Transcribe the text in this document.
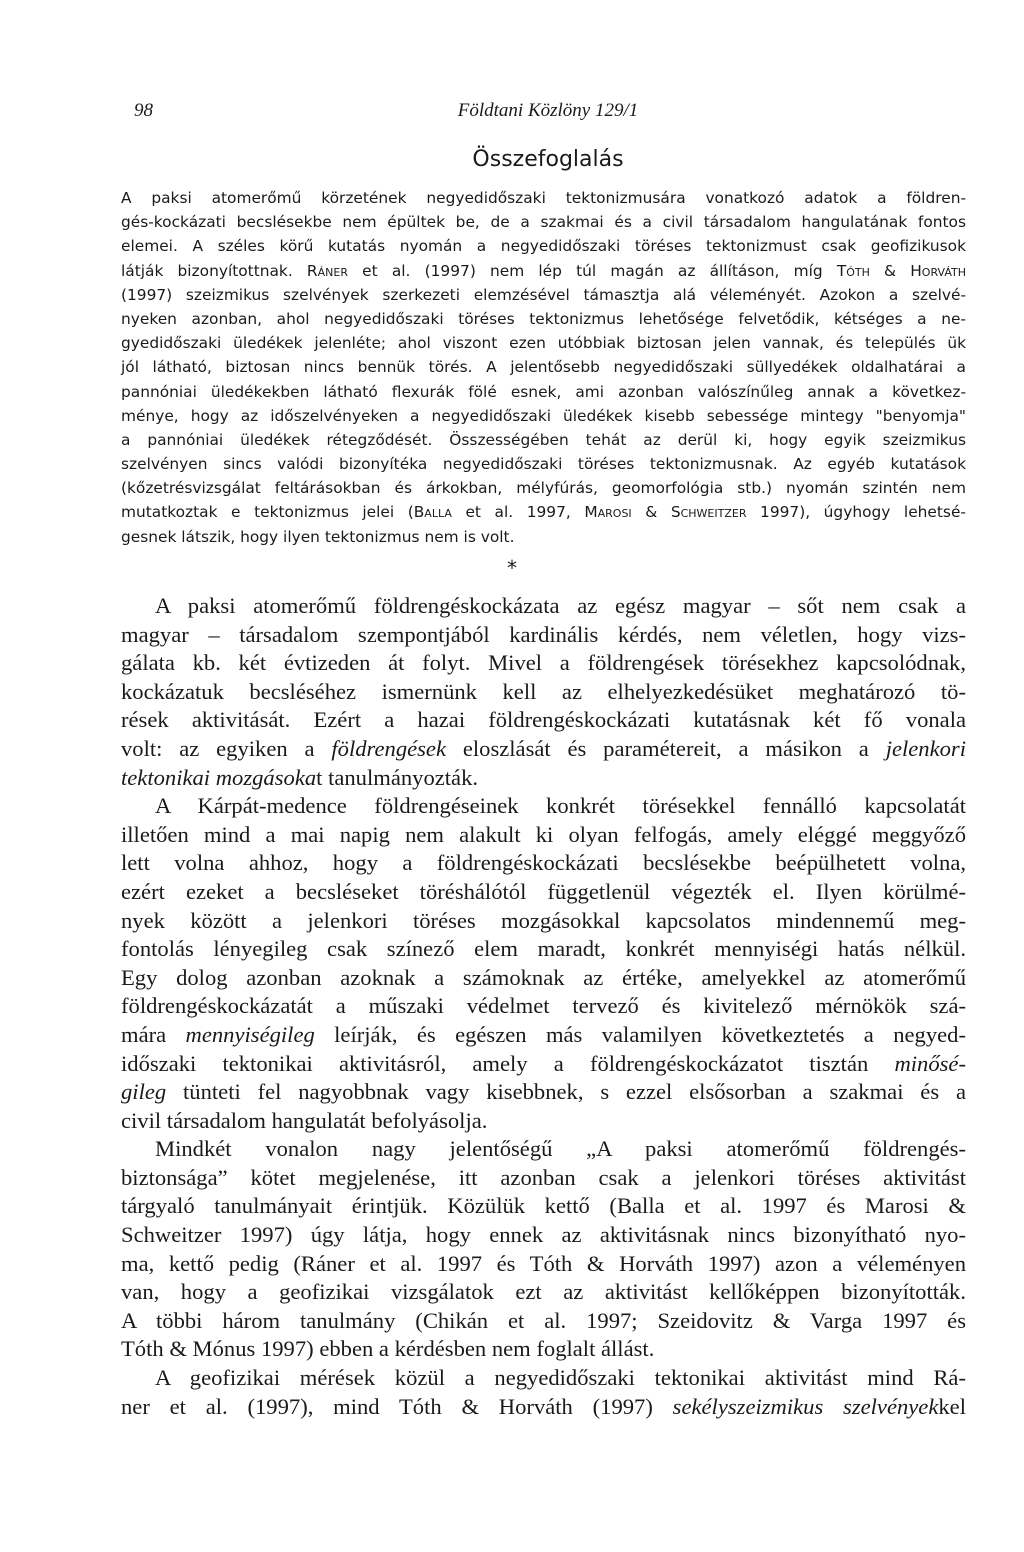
98	Földtani Közlöny 129/1
Összefoglalás
A paksi atomerőmű körzetének negyedidőszaki tektonizmusára vonatkozó adatok a földren-
gés-kockázati becslésekbe nem épültek be, de a szakmai és a civil társadalom hangulatának fontos
elemei. A széles körű kutatás nyomán a negyedidőszaki töréses tektonizmust csak geofizikusok
látják bizonyítottnak. Ráner et al. (1997) nem lép túl magán az állításon, míg Tóth & Horváth
(1997) szeizmikus szelvények szerkezeti elemzésével támasztja alá véleményét. Azokon a szelvé-
nyeken azonban, ahol negyedidőszaki töréses tektonizmus lehetősége felvetődik, kétséges a ne-
gyedidőszaki üledékek jelenléte; ahol viszont ezen utóbbiak biztosan jelen vannak, és település ük
jól látható, biztosan nincs bennük törés. A jelentősebb negyedidőszaki süllyedékek oldalhatárai a
pannóniai üledékekben látható flexurák fölé esnek, ami azonban valószínűleg annak a következ-
ménye, hogy az időszelvényeken a negyedidőszaki üledékek kisebb sebessége mintegy "benyomja"
a pannóniai üledékek rétegződését. Összességében tehát az derül ki, hogy egyik szeizmikus
szelvényen sincs valódi bizonyítéka negyedidőszaki töréses tektonizmusnak. Az egyéb kutatások
(kőzetrésvizsgálat feltárásokban és árkokban, mélyfúrás, geomorfológia stb.) nyomán szintén nem
mutatkoztak e tektonizmus jelei (Balla et al. 1997, Marosi & Schweitzer 1997), úgyhogy lehetsé-
gesnek látszik, hogy ilyen tektonizmus nem is volt.
*
A paksi atomerőmű földrengéskockázata az egész magyar – sőt nem csak a
magyar – társadalom szempontjából kardinális kérdés, nem véletlen, hogy vizs-
gálata kb. két évtizeden át folyt. Mivel a földrengések törésekhez kapcsolódnak,
kockázatuk becsléséhez ismernünk kell az elhelyezkedésüket meghatározó tö-
rések aktivitását. Ezért a hazai földrengéskockázati kutatásnak két fő vonala
volt: az egyiken a földrengések eloszlását és paramétereit, a másikon a jelenkori
tektonikai mozgásokat tanulmányozták.
A Kárpát-medence földrengéseinek konkrét törésekkel fennálló kapcsolatát
illetően mind a mai napig nem alakult ki olyan felfogás, amely eléggé meggyőző
lett volna ahhoz, hogy a földrengéskockázati becslésekbe beépülhetett volna,
ezért ezeket a becsléseket töréshálótól függetlenül végezték el. Ilyen körülmé-
nyek között a jelenkori töréses mozgásokkal kapcsolatos mindennemű meg-
fontolás lényegileg csak színező elem maradt, konkrét mennyiségi hatás nélkül.
Egy dolog azonban azoknak a számoknak az értéke, amelyekkel az atomerőmű
földrengéskockázatát a műszaki védelmet tervező és kivitelező mérnökök szá-
mára mennyiségileg leírják, és egészen más valamilyen következtetés a negyed-
időszaki tektonikai aktivitásról, amely a földrengéskockázatot tisztán minősé-
gileg tünteti fel nagyobbnak vagy kisebbnek, s ezzel elsősorban a szakmai és a
civil társadalom hangulatát befolyásolja.
Mindkét vonalon nagy jelentőségű „A paksi atomerőmű földrengés-
biztonsága” kötet megjelenése, itt azonban csak a jelenkori töréses aktivitást
tárgyaló tanulmányait érintjük. Közülük kettő (Balla et al. 1997 és Marosi &
Schweitzer 1997) úgy látja, hogy ennek az aktivitásnak nincs bizonyítható nyo-
ma, kettő pedig (Ráner et al. 1997 és Tóth & Horváth 1997) azon a véleményen
van, hogy a geofizikai vizsgálatok ezt az aktivitást kellőképpen bizonyították.
A többi három tanulmány (Chikán et al. 1997; Szeidovitz & Varga 1997 és
Tóth & Mónus 1997) ebben a kérdésben nem foglalt állást.
A geofizikai mérések közül a negyedidőszaki tektonikai aktivitást mind Rá-
ner et al. (1997), mind Tóth & Horváth (1997) sekélyszeizmikus szelvényekkel
